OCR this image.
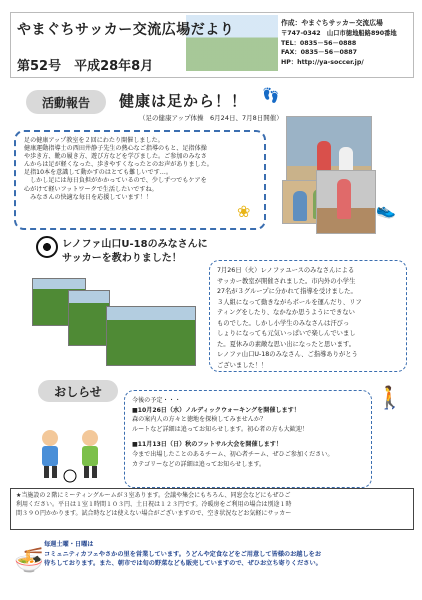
やまぐちサッカー交流広場だより
第52号　平成28年8月
作成：やまぐちサッカー交流広場
〒747-0342　山口市徳地船路890番地
TEL：0835－56－0888
FAX：0835－56－0887
HP：http://ya-soccer.jp/
活動報告	健康は足から！！ 👣
（足の健康アップ体操　6月24日、7月8日開催）
足の健康アップ教室を２回にわたり開催しました。
健康運動指導士の西田井静子先生の熱心なご指導のもと、足指体操
や歩き方、靴の履き方、遊び方などを学びました。ご参加のみなさ
んからは足が軽くなった、歩きやすくなったとのお声がありました。
足指10本を意識して動かすのはとても難しいです…。
　しかし足には毎日負担がかかっているので、少しずつでもケアを
心がけて軽いフットワークで生活したいですね。
　みなさんの快適な毎日を応援しています！！
❀	👟
レノファ山口U-18のみなさんに
サッカーを教わりました！
7月26日（火）レノファユースのみなさんによる
サッカー教室が開催されました。市内外の小学生
27名が３グループに分かれて指導を受けました。
３人組になって動きながらボールを運んだり、リフ
ティングをしたり、なかなか思うようにできない
ものでした。しかし小学生のみなさんは汗びっ
しょりになっても元気いっぱいで楽しんでいまし
た。夏休みの素敵な思い出になったと思います。
レノファ山口U-18のみなさん、ご指導ありがとう
ございました！！
おしらせ
今後の予定・・・
■10月26日（水）ノルディックウォーキングを開催します！
森の案内人の方々と徳地を探検してみませんか？
ルートなど詳細は追ってお知らせします。初心者の方も大歓迎！
■11月13日（日）秋のフットサル大会を開催します！
今まで出場したことのあるチーム、初心者チーム、ぜひご参加ください。
カテゴリーなどの詳細は追ってお知らせします。
🚶
★当施設の２階にミーティングルームが３室あります。会議や集会にもちろん、同窓会などにもぜひご
利用ください。平日は１室１時間１０３円、土日祝は１２３円です。冷暖房をご利用の場合は別途１時
間３９０円かかります。試合時などは使えない場合がございますので、空き状況などお気軽にサッカー
🍜
毎週土曜・日曜は
コミュニティカフェやさかの里を営業しています。うどんや定食などをご用意して皆様のお越しをお
待ちしております。また、朝市では旬の野菜なども販売していますので、ぜひお立ち寄りください。
